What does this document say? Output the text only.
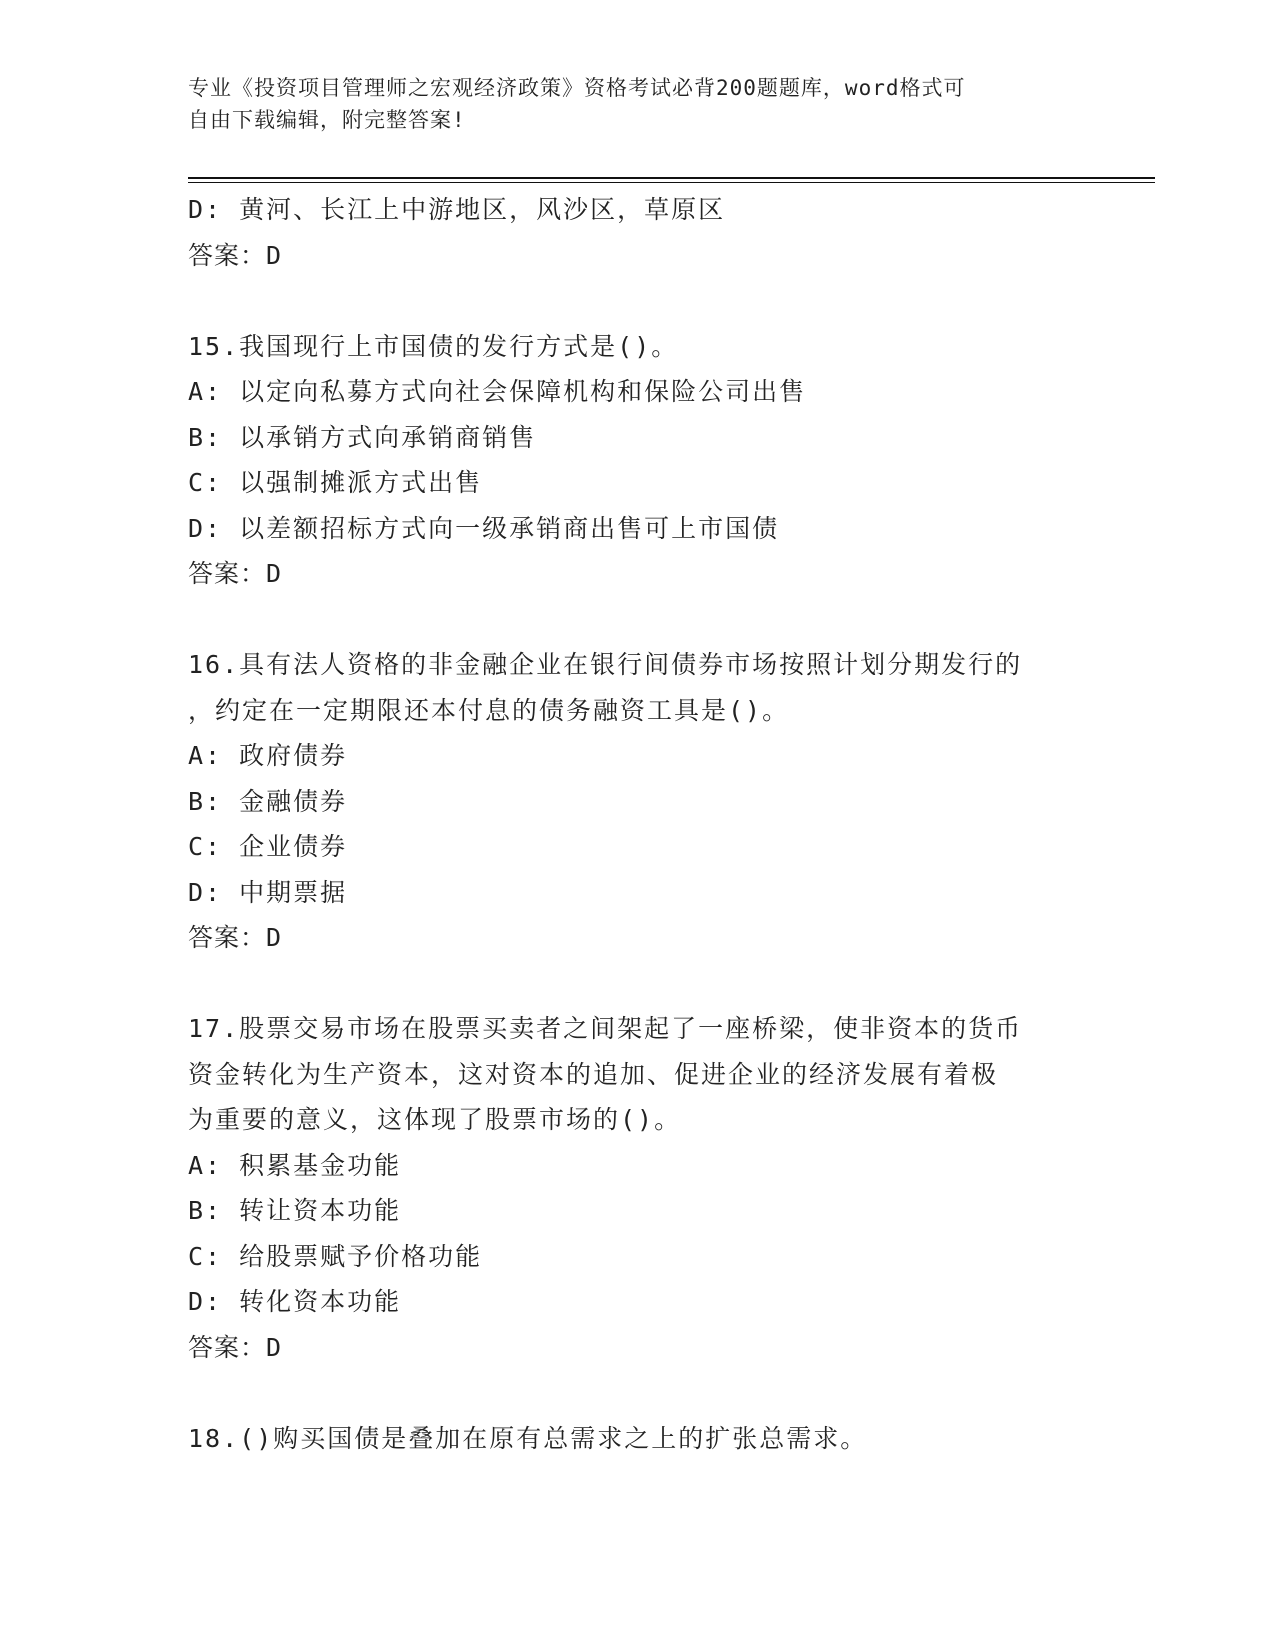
专业《投资项目管理师之宏观经济政策》资格考试必背200题题库，word格式可
自由下载编辑，附完整答案!
D: 黄河、长江上中游地区，风沙区，草原区
答案：D
15.我国现行上市国债的发行方式是()。
A: 以定向私募方式向社会保障机构和保险公司出售
B: 以承销方式向承销商销售
C: 以强制摊派方式出售
D: 以差额招标方式向一级承销商出售可上市国债
答案：D
16.具有法人资格的非金融企业在银行间债券市场按照计划分期发行的
，约定在一定期限还本付息的债务融资工具是()。
A: 政府债券
B: 金融债券
C: 企业债券
D: 中期票据
答案：D
17.股票交易市场在股票买卖者之间架起了一座桥梁，使非资本的货币
资金转化为生产资本，这对资本的追加、促进企业的经济发展有着极
为重要的意义，这体现了股票市场的()。
A: 积累基金功能
B: 转让资本功能
C: 给股票赋予价格功能
D: 转化资本功能
答案：D
18.()购买国债是叠加在原有总需求之上的扩张总需求。
